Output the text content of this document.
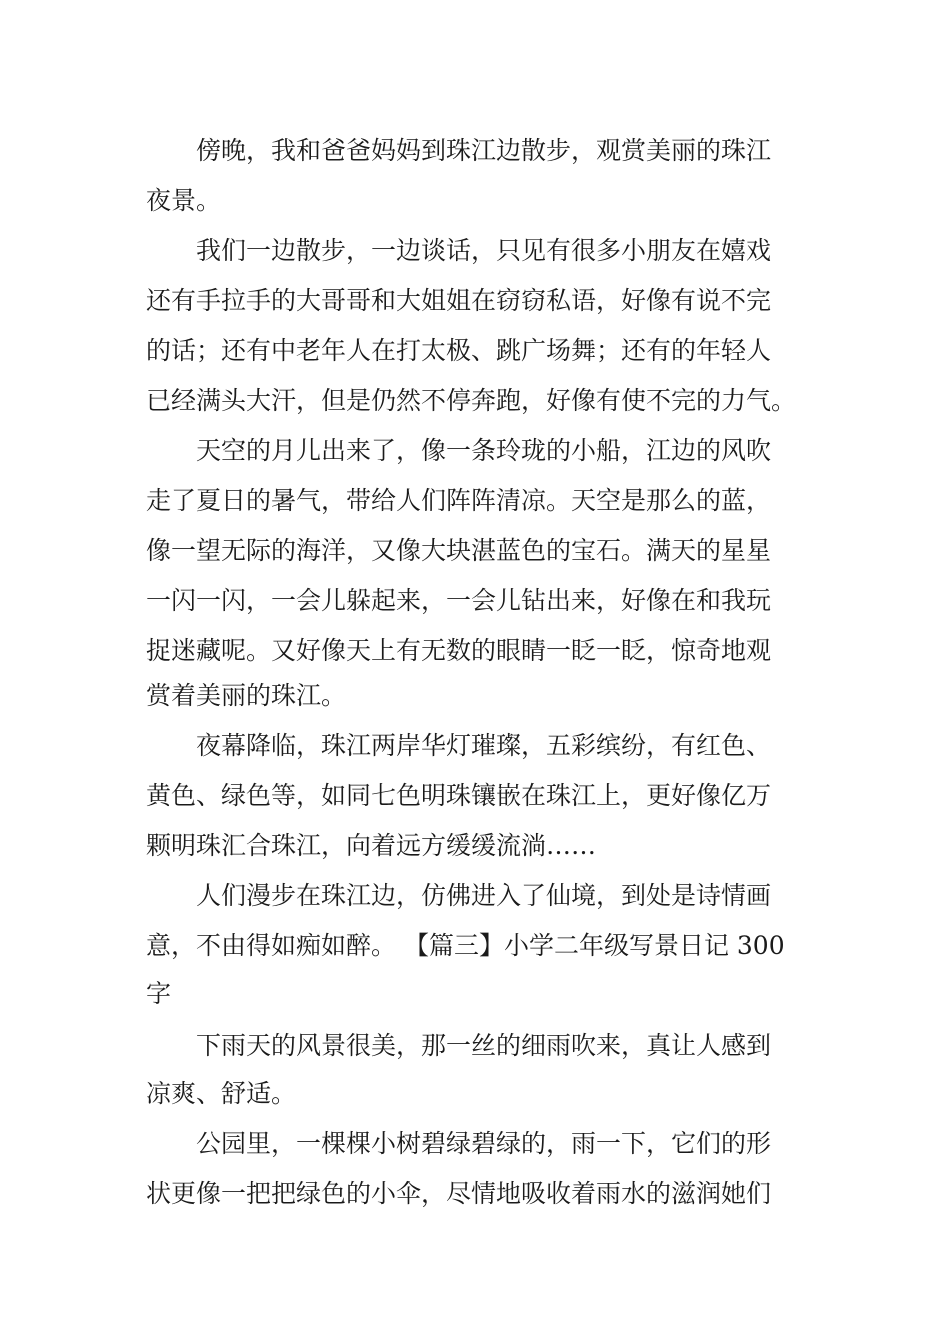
傍晚，我和爸爸妈妈到珠江边散步，观赏美丽的珠江
夜景。
我们一边散步，一边谈话，只见有很多小朋友在嬉戏
还有手拉手的大哥哥和大姐姐在窃窃私语，好像有说不完
的话；还有中老年人在打太极、跳广场舞；还有的年轻人
已经满头大汗，但是仍然不停奔跑，好像有使不完的力气。
天空的月儿出来了，像一条玲珑的小船，江边的风吹
走了夏日的暑气，带给人们阵阵清凉。天空是那么的蓝，
像一望无际的海洋，又像大块湛蓝色的宝石。满天的星星
一闪一闪，一会儿躲起来，一会儿钻出来，好像在和我玩
捉迷藏呢。又好像天上有无数的眼睛一眨一眨，惊奇地观
赏着美丽的珠江。
夜幕降临，珠江两岸华灯璀璨，五彩缤纷，有红色、
黄色、绿色等，如同七色明珠镶嵌在珠江上，更好像亿万
颗明珠汇合珠江，向着远方缓缓流淌……
人们漫步在珠江边，仿佛进入了仙境，到处是诗情画
意，不由得如痴如醉。 【篇三】小学二年级写景日记 300
字
下雨天的风景很美，那一丝的细雨吹来，真让人感到
凉爽、舒适。
公园里，一棵棵小树碧绿碧绿的，雨一下，它们的形
状更像一把把绿色的小伞，尽情地吸收着雨水的滋润她们
